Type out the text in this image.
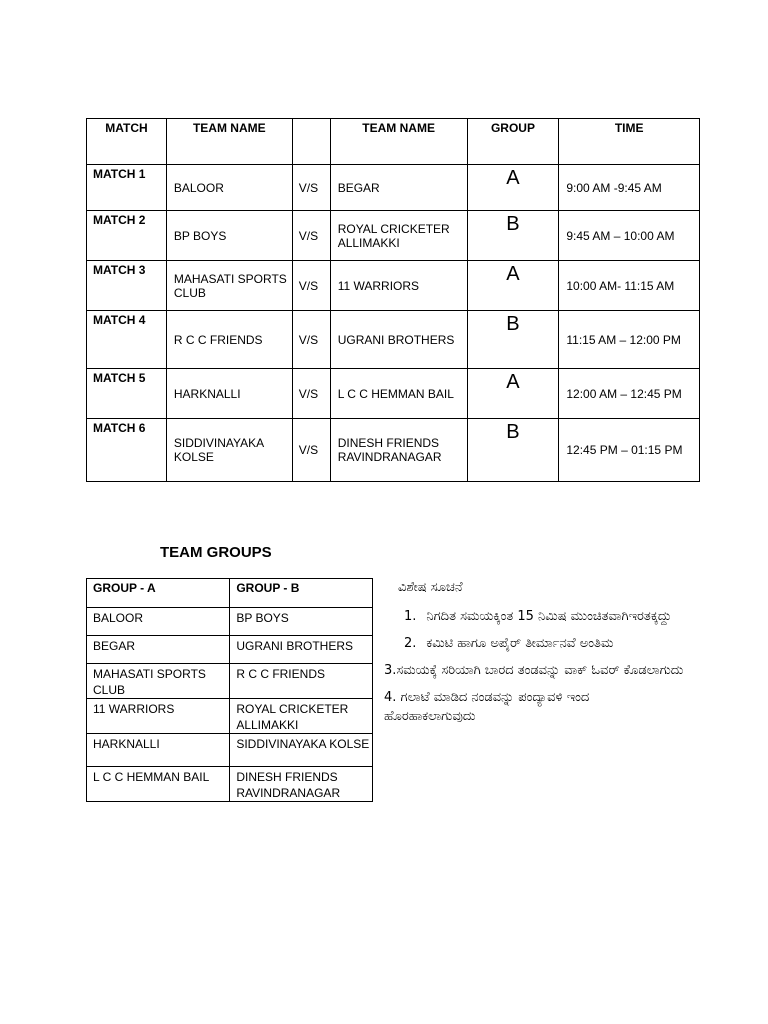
MATCH	TEAM NAME		TEAM NAME	GROUP	TIME
MATCH 1	BALOOR	V/S	BEGAR	A	9:00 AM -9:45 AM
MATCH 2	BP BOYS	V/S	ROYAL CRICKETER ALLIMAKKI	B	9:45 AM – 10:00 AM
MATCH 3	MAHASATI SPORTS CLUB	V/S	11 WARRIORS	A	10:00 AM- 11:15 AM
MATCH 4	R C C FRIENDS	V/S	UGRANI BROTHERS	B	11:15 AM – 12:00 PM
MATCH 5	HARKNALLI	V/S	L C C HEMMAN BAIL	A	12:00 AM – 12:45 PM
MATCH 6	SIDDIVINAYAKA KOLSE	V/S	DINESH FRIENDS RAVINDRANAGAR	B	12:45 PM – 01:15 PM
TEAM GROUPS
GROUP - A	GROUP - B
BALOOR	BP BOYS
BEGAR	UGRANI BROTHERS
MAHASATI SPORTS CLUB	R C C FRIENDS
11 WARRIORS	ROYAL CRICKETER ALLIMAKKI
HARKNALLI	SIDDIVINAYAKA KOLSE
L C C HEMMAN BAIL	DINESH FRIENDS RAVINDRANAGAR
ವಿಶೇಷ ಸೂಚನೆ
1. ನಿಗದಿತ ಸಮಯಕ್ಕಿಂತ 15 ನಿಮಿಷ ಮುಂಚಿತವಾಗಿಇರತಕ್ಕದ್ದು
2. ಕಮಿಟಿ ಹಾಗೂ ಅಪೈರ್ ತೀರ್ಮಾನವೆ ಅಂತಿಮ
3.ಸಮಯಕ್ಕೆ ಸರಿಯಾಗಿ ಬಾರದ ತಂಡವನ್ನು ವಾಕ್ ಓವರ್ ಕೊಡಲಾಗುದು
4. ಗಲಾಟೆ ಮಾಡಿದ ನಂಡವನ್ನು ಪಂದ್ಯಾವಳಿ ಇಂದ ಹೊರಹಾಕಲಾಗುವುದು
